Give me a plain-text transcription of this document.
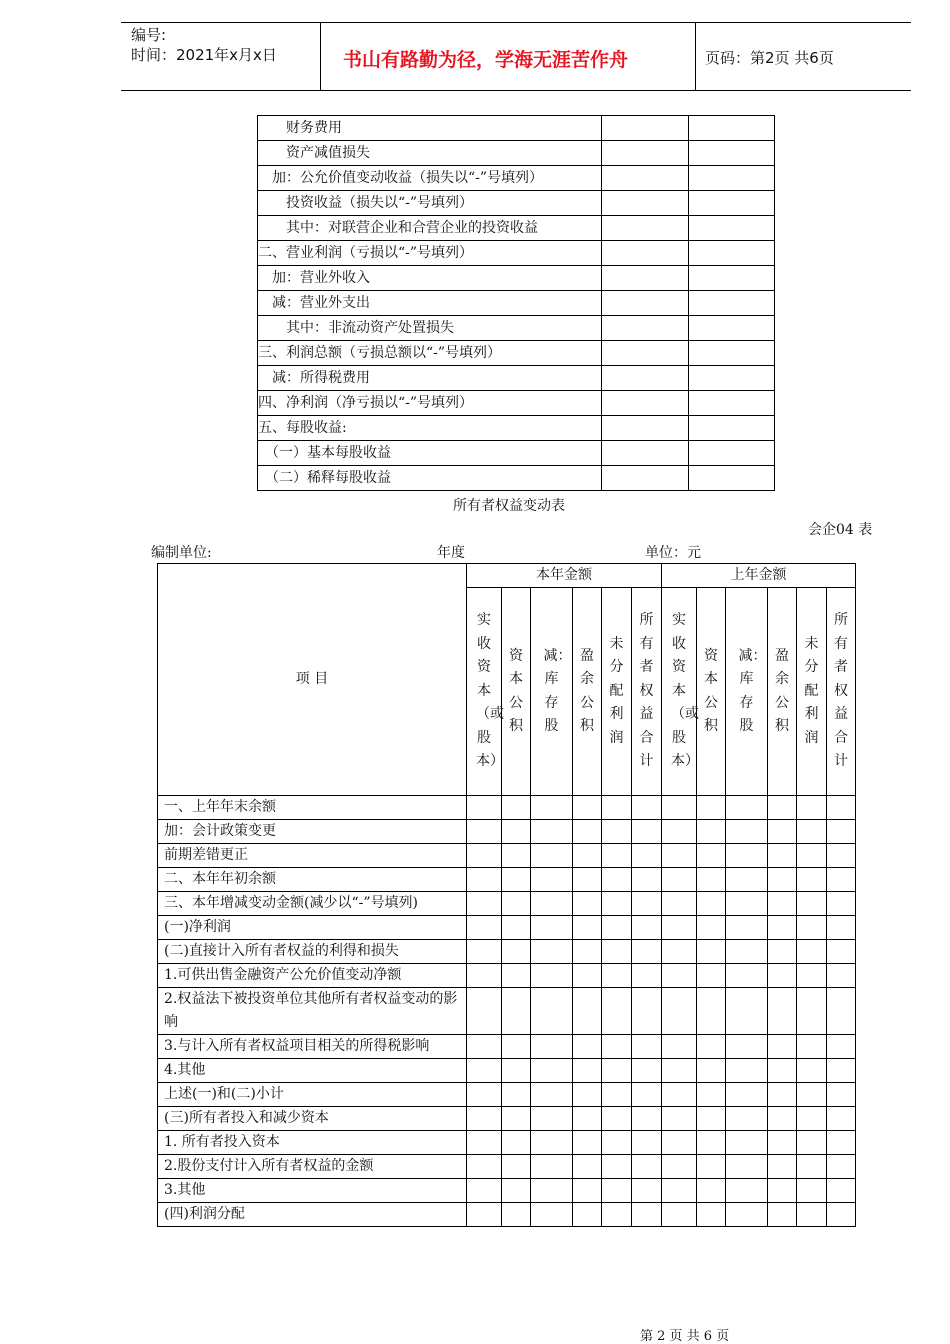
编号:
时间：2021年x月x日	书山有路勤为径，学海无涯苦作舟	页码：第2页 共6页
　　财务费用		
　　资产减值损失		
　加：公允价值变动收益（损失以“-”号填列）		
　　投资收益（损失以“-”号填列）		
　　其中：对联营企业和合营企业的投资收益		
二、营业利润（亏损以“-”号填列）		
　加：营业外收入		
　减：营业外支出		
　　其中：非流动资产处置损失		
三、利润总额（亏损总额以“-”号填列）		
　减：所得税费用		
四、净利润（净亏损以“-”号填列）		
五、每股收益:		
　（一）基本每股收益		
　（二）稀释每股收益		
所有者权益变动表
会企04 表
编制单位:	年度	单位：元
项 目	本年金额						上年金额					
	实收资本（或股本）	资本公积	减：库存股	盈余公积	未分配利润	所有者权益合计	实收资本（或股本）	资本公积	减：库存股	盈余公积	未分配利润	所有者权益合计
一、上年年末余额												
加：会计政策变更												
前期差错更正												
二、本年年初余额												
三、本年增减变动金额(减少以“-”号填列)												
(一)净利润												
(二)直接计入所有者权益的利得和损失												
1.可供出售金融资产公允价值变动净额												
2.权益法下被投资单位其他所有者权益变动的影响												
3.与计入所有者权益项目相关的所得税影响												
4.其他												
上述(一)和(二)小计												
(三)所有者投入和减少资本												
1. 所有者投入资本												
2.股份支付计入所有者权益的金额												
3.其他												
(四)利润分配												
第 2 页 共 6 页
